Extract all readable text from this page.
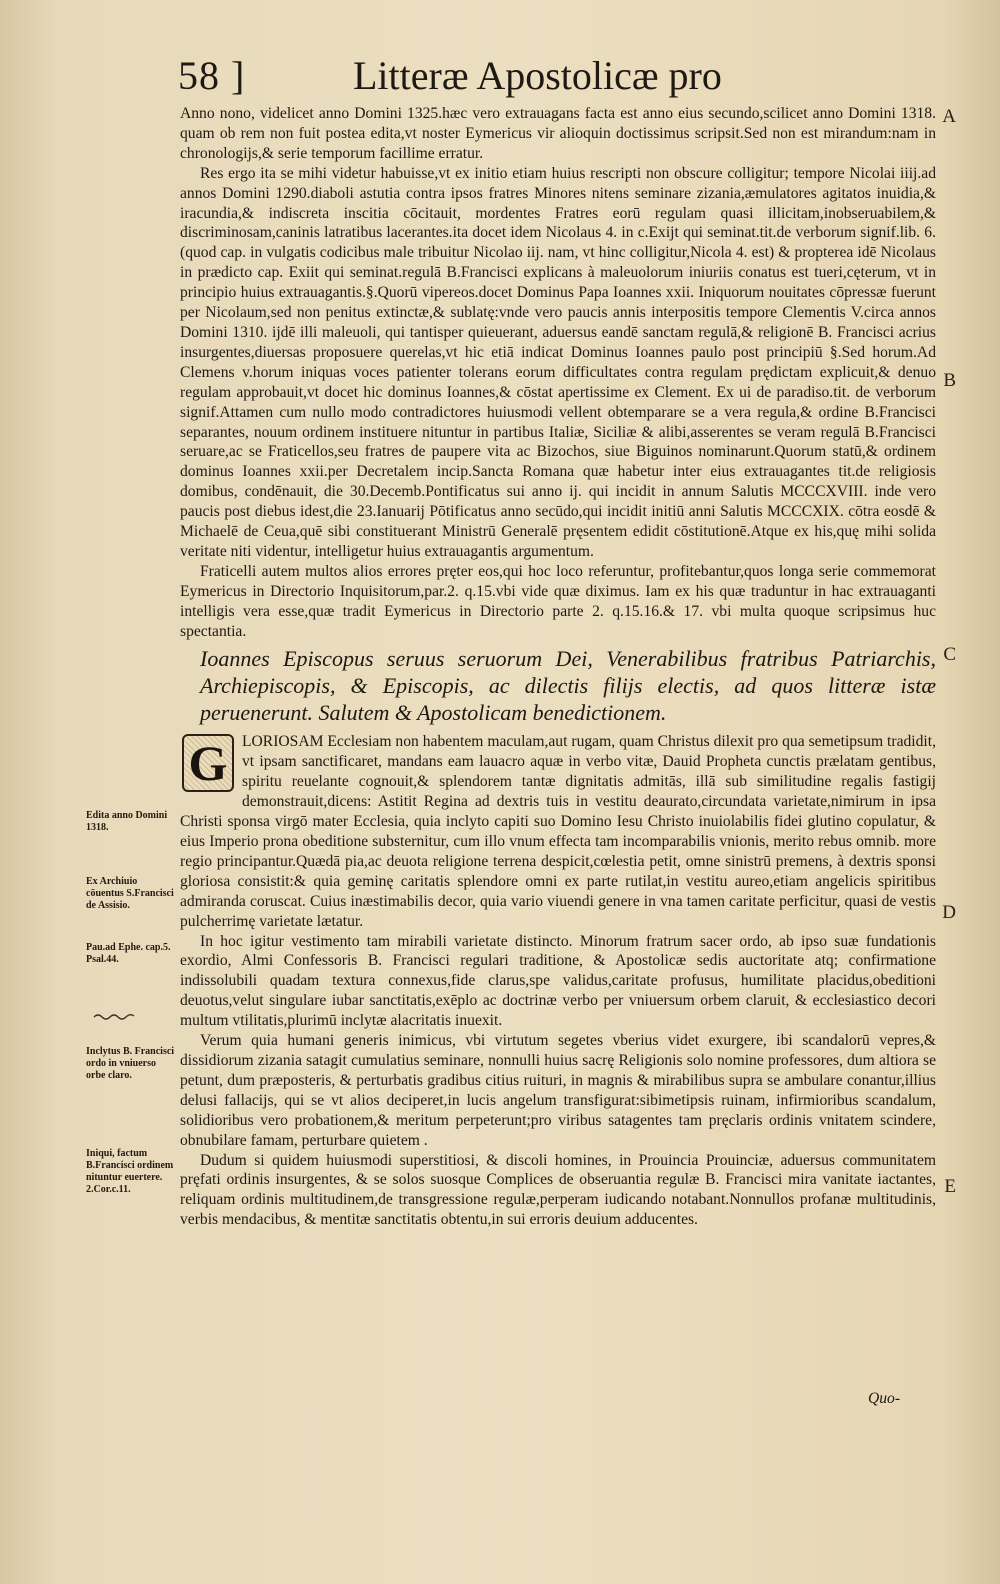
58 ]	Litteræ Apostolicæ pro
A
B
C
D
E
Edita anno Domini 1318.
Ex Archiuio cōuentus S.Francisci de Assisio.
Pau.ad Ephe. cap.5. Psal.44.
Inclytus B. Francisci ordo in vniuerso orbe claro.
Iniqui, factum B.Francisci ordinem nituntur euertere. 2.Cor.c.11.

Anno nono, videlicet anno Domini 1325.hæc vero extrauagans facta est anno eius secundo,scilicet anno Domini 1318. quam ob rem non fuit postea edita,vt noster Eymericus vir alioquin doctissimus scripsit.Sed non est mirandum:nam in chronologijs,& serie temporum facillime erratur.

Res ergo ita se mihi videtur habuisse,vt ex initio etiam huius rescripti non obscure colligitur; tempore Nicolai iiij.ad annos Domini 1290.diaboli astutia contra ipsos fratres Minores nitens seminare zizania,æmulatores agitatos inuidia,& iracundia,& indiscreta inscitia cōcitauit, mordentes Fratres eorū regulam quasi illicitam,inobseruabilem,& discriminosam,caninis latratibus lacerantes.ita docet idem Nicolaus 4. in c.Exijt qui seminat.tit.de verborum signif.lib. 6. (quod cap. in vulgatis codicibus male tribuitur Nicolao iij. nam, vt hinc colligitur,Nicola 4. est) & propterea idē Nicolaus in prædicto cap. Exiit qui seminat.regulā B.Francisci explicans à maleuolorum iniuriis conatus est tueri,cęterum, vt in principio huius extrauagantis.§.Quorū vipereos.docet Dominus Papa Ioannes xxii. Iniquorum nouitates cōpressæ fuerunt per Nicolaum,sed non penitus extinctæ,& sublatę:vnde vero paucis annis interpositis tempore Clementis V.circa annos Domini 1310. ijdē illi maleuoli, qui tantisper quieuerant, aduersus eandē sanctam regulā,& religionē B. Francisci acrius insurgentes,diuersas proposuere querelas,vt hic etiā indicat Dominus Ioannes paulo post principiū §.Sed horum.Ad Clemens v.horum iniquas voces patienter tolerans eorum difficultates contra regulam prędictam explicuit,& denuo regulam approbauit,vt docet hic dominus Ioannes,& cōstat apertissime ex Clement. Ex ui de paradiso.tit. de verborum signif.Attamen cum nullo modo contradictores huiusmodi vellent obtemparare se a vera regula,& ordine B.Francisci separantes, nouum ordinem instituere nituntur in partibus Italiæ, Siciliæ & alibi,asserentes se veram regulā B.Francisci seruare,ac se Fraticellos,seu fratres de paupere vita ac Bizochos, siue Biguinos nominarunt.Quorum statū,& ordinem dominus Ioannes xxii.per Decretalem incip.Sancta Romana quæ habetur inter eius extrauagantes tit.de religiosis domibus, condēnauit, die 30.Decemb.Pontificatus sui anno ij. qui incidit in annum Salutis MCCCXVIII. inde vero paucis post diebus idest,die 23.Ianuarij Pōtificatus anno secūdo,qui incidit initiū anni Salutis MCCCXIX. cōtra eosdē & Michaelē de Ceua,quē sibi constituerant Ministrū Generalē pręsentem edidit cōstitutionē.Atque ex his,quę mihi solida veritate niti videntur, intelligetur huius extrauagantis argumentum.

Fraticelli autem multos alios errores pręter eos,qui hoc loco referuntur, profitebantur,quos longa serie commemorat Eymericus in Directorio Inquisitorum,par.2. q.15.vbi vide quæ diximus. Iam ex his quæ traduntur in hac extrauaganti intelligis vera esse,quæ tradit Eymericus in Directorio parte 2. q.15.16.& 17. vbi multa quoque scripsimus huc spectantia.

Ioannes Episcopus seruus seruorum Dei, Venerabilibus fratribus Patriarchis, Archiepiscopis, & Episcopis, ac dilectis filijs electis, ad quos litteræ istæ peruenerunt. Salutem & Apostolicam benedictionem.

G LORIOSAM Ecclesiam non habentem maculam,aut rugam, quam Christus dilexit pro qua semetipsum tradidit, vt ipsam sanctificaret, mandans eam lauacro aquæ in verbo vitæ, Dauid Propheta cunctis prælatam gentibus, spiritu reuelante cognouit,& splendorem tantæ dignitatis admitās, illā sub similitudine regalis fastigij demonstrauit,dicens: Astitit Regina ad dextris tuis in vestitu deaurato,circundata varietate,nimirum in ipsa Christi sponsa virgō mater Ecclesia, quia inclyto capiti suo Domino Iesu Christo inuiolabilis fidei glutino copulatur, & eius Imperio prona obeditione substernitur, cum illo vnum effecta tam incomparabilis vnionis, merito rebus omnib. more regio principantur.Quædā pia,ac deuota religione terrena despicit,cœlestia petit, omne sinistrū premens, à dextris sponsi gloriosa consistit:& quia geminę caritatis splendore omni ex parte rutilat,in vestitu aureo,etiam angelicis spiritibus admiranda coruscat. Cuius inæstimabilis decor, quia vario viuendi genere in vna tamen caritate perficitur, quasi de vestis pulcherrimę varietate lætatur.

In hoc igitur vestimento tam mirabili varietate distincto. Minorum fratrum sacer ordo, ab ipso suæ fundationis exordio, Almi Confessoris B. Francisci regulari traditione, & Apostolicæ sedis auctoritate atq; confirmatione indissolubili quadam textura connexus,fide clarus,spe validus,caritate profusus, humilitate placidus,obeditioni deuotus,velut singulare iubar sanctitatis,exēplo ac doctrinæ verbo per vniuersum orbem claruit, & ecclesiastico decori multum vtilitatis,plurimū inclytæ alacritatis inuexit.

Verum quia humani generis inimicus, vbi virtutum segetes vberius videt exurgere, ibi scandalorū vepres,& dissidiorum zizania satagit cumulatius seminare, nonnulli huius sacrę Religionis solo nomine professores, dum altiora se petunt, dum præposteris, & perturbatis gradibus citius ruituri, in magnis & mirabilibus supra se ambulare conantur,illius delusi fallacijs, qui se vt alios deciperet,in lucis angelum transfigurat:sibimetipsis ruinam, infirmioribus scandalum, solidioribus vero probationem,& meritum perpeterunt;pro viribus satagentes tam pręclaris ordinis vnitatem scindere, obnubilare famam, perturbare quietem .

Dudum si quidem huiusmodi superstitiosi, & discoli homines, in Prouincia Prouinciæ, aduersus communitatem pręfati ordinis insurgentes, & se solos suosque Complices de obseruantia regulæ B. Francisci mira vanitate iactantes, reliquam ordinis multitudinem,de transgressione regulæ,perperam iudicando notabant.Nonnullos profanæ multitudinis, verbis mendacibus, & mentitæ sanctitatis obtentu,in sui erroris deuium adducentes.

Quo-
